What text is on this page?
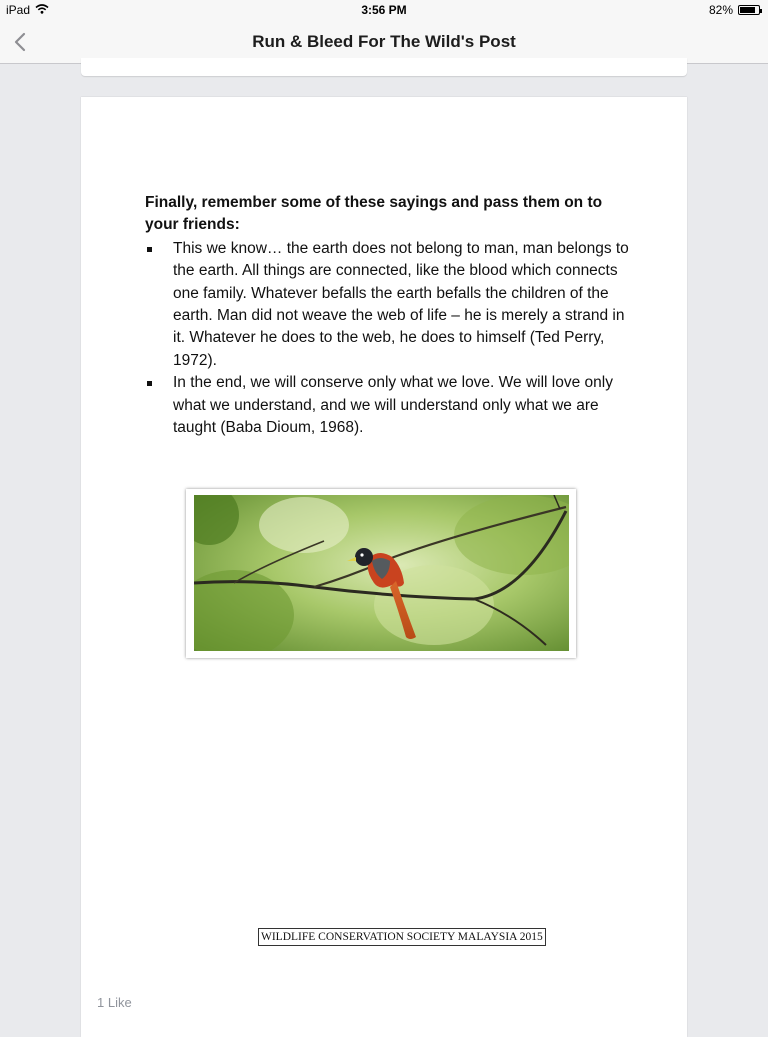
iPad	3:56 PM	82%
Run & Bleed For The Wild's Post
Finally, remember some of these sayings and pass them on to your friends:
This we know… the earth does not belong to man, man belongs to the earth. All things are connected, like the blood which connects one family. Whatever befalls the earth befalls the children of the earth. Man did not weave the web of life – he is merely a strand in it. Whatever he does to the web, he does to himself (Ted Perry, 1972).
In the end, we will conserve only what we love. We will love only what we understand, and we will understand only what we are taught (Baba Dioum, 1968).
WILDLIFE CONSERVATION SOCIETY MALAYSIA 2015
1 Like
